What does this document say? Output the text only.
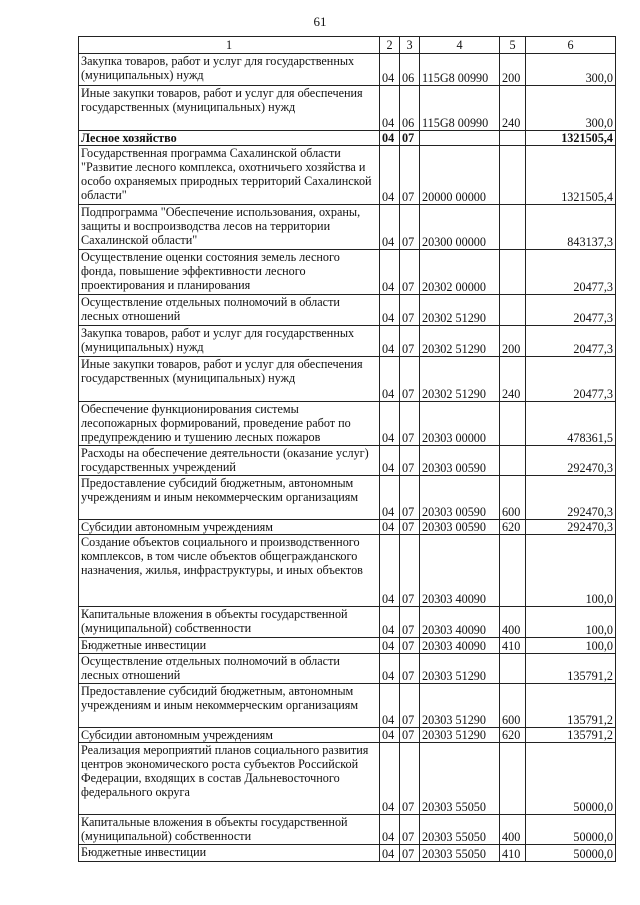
61
1	2	3	4	5	6
Закупка товаров, работ и услуг для государственных (муниципальных) нужд	04	06	115G8 00990	200	300,0
Иные закупки товаров, работ и услуг для обеспечения государственных (муниципальных) нужд	04	06	115G8 00990	240	300,0
Лесное хозяйство	04	07			1321505,4
Государственная программа Сахалинской области "Развитие лесного комплекса, охотничьего хозяйства и особо охраняемых природных территорий Сахалинской области"	04	07	20000 00000		1321505,4
Подпрограмма "Обеспечение использования, охраны, защиты и воспроизводства лесов на территории Сахалинской области"	04	07	20300 00000		843137,3
Осуществление оценки состояния земель лесного фонда, повышение эффективности лесного проектирования и планирования	04	07	20302 00000		20477,3
Осуществление отдельных полномочий в области лесных отношений	04	07	20302 51290		20477,3
Закупка товаров, работ и услуг для государственных (муниципальных) нужд	04	07	20302 51290	200	20477,3
Иные закупки товаров, работ и услуг для обеспечения государственных (муниципальных) нужд	04	07	20302 51290	240	20477,3
Обеспечение функционирования системы лесопожарных формирований, проведение работ по предупреждению и тушению лесных пожаров	04	07	20303 00000		478361,5
Расходы на обеспечение деятельности (оказание услуг) государственных учреждений	04	07	20303 00590		292470,3
Предоставление субсидий бюджетным, автономным учреждениям и иным некоммерческим организациям	04	07	20303 00590	600	292470,3
Субсидии автономным учреждениям	04	07	20303 00590	620	292470,3
Создание объектов социального и производственного комплексов, в том числе объектов общегражданского назначения, жилья, инфраструктуры, и иных объектов	04	07	20303 40090		100,0
Капитальные вложения в объекты государственной (муниципальной) собственности	04	07	20303 40090	400	100,0
Бюджетные инвестиции	04	07	20303 40090	410	100,0
Осуществление отдельных полномочий в области лесных отношений	04	07	20303 51290		135791,2
Предоставление субсидий бюджетным, автономным учреждениям и иным некоммерческим организациям	04	07	20303 51290	600	135791,2
Субсидии автономным учреждениям	04	07	20303 51290	620	135791,2
Реализация мероприятий планов социального развития центров экономического роста субъектов Российской Федерации, входящих в состав Дальневосточного федерального округа	04	07	20303 55050		50000,0
Капитальные вложения в объекты государственной (муниципальной) собственности	04	07	20303 55050	400	50000,0
Бюджетные инвестиции	04	07	20303 55050	410	50000,0
